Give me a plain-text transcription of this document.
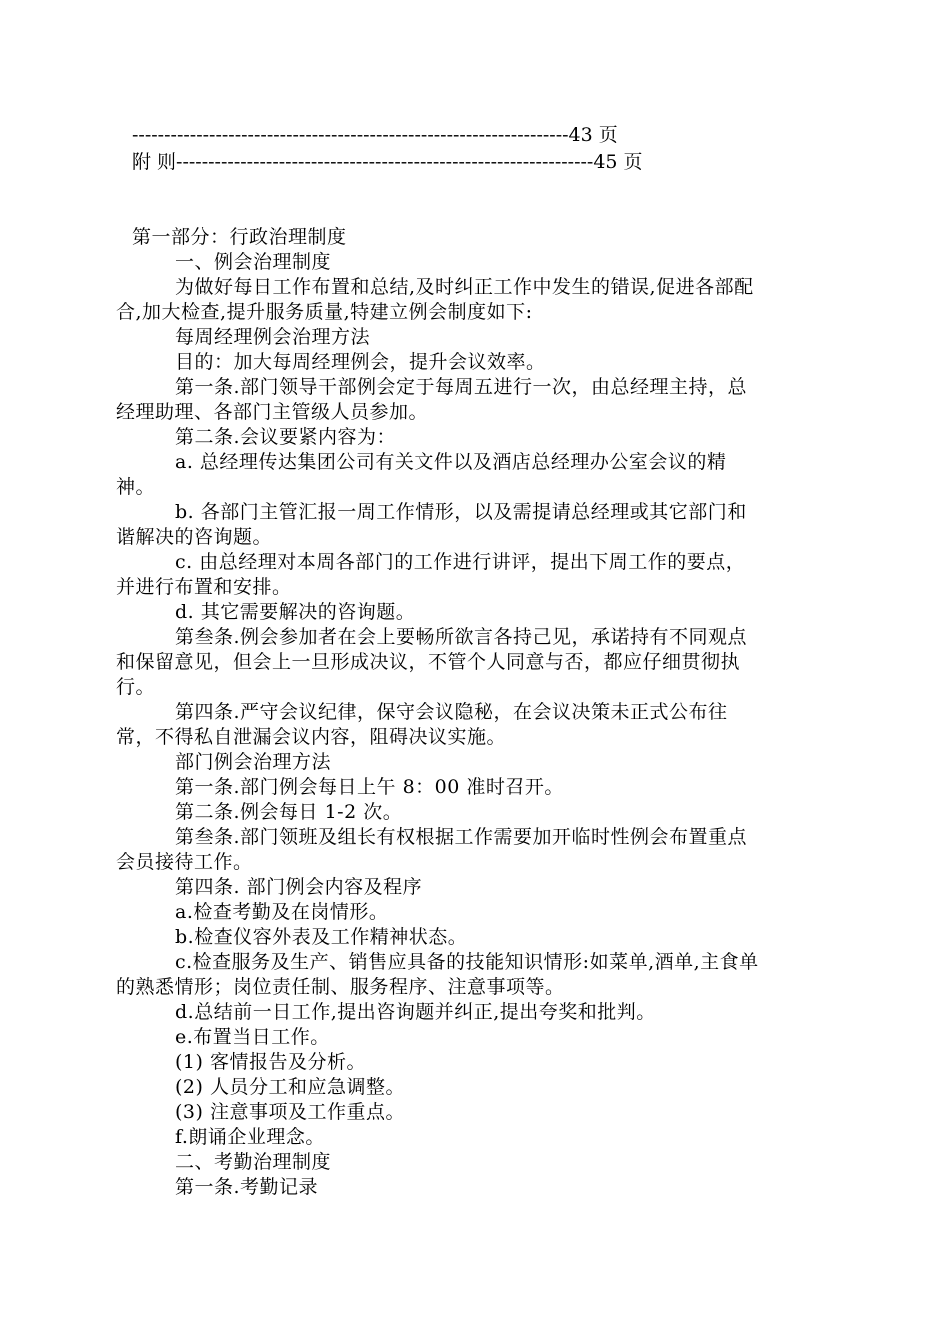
--------------------------------------------------------------------43 页
附 则-----------------------------------------------------------------45 页
第一部分：行政治理制度
一、例会治理制度
为做好每日工作布置和总结,及时纠正工作中发生的错误,促进各部配
合,加大检查,提升服务质量,特建立例会制度如下:
每周经理例会治理方法
目的：加大每周经理例会，提升会议效率。
第一条.部门领导干部例会定于每周五进行一次，由总经理主持，总
经理助理、各部门主管级人员参加。
第二条.会议要紧内容为：
a. 总经理传达集团公司有关文件以及酒店总经理办公室会议的精
神。
b. 各部门主管汇报一周工作情形，以及需提请总经理或其它部门和
谐解决的咨询题。
c. 由总经理对本周各部门的工作进行讲评，提出下周工作的要点，
并进行布置和安排。
d. 其它需要解决的咨询题。
第叁条.例会参加者在会上要畅所欲言各持己见，承诺持有不同观点
和保留意见，但会上一旦形成决议，不管个人同意与否，都应仔细贯彻执
行。
第四条.严守会议纪律，保守会议隐秘，在会议决策未正式公布往
常，不得私自泄漏会议内容，阻碍决议实施。
部门例会治理方法
第一条.部门例会每日上午 8：00 准时召开。
第二条.例会每日 1-2 次。
第叁条.部门领班及组长有权根据工作需要加开临时性例会布置重点
会员接待工作。
第四条. 部门例会内容及程序
a.检查考勤及在岗情形。
b.检查仪容外表及工作精神状态。
c.检查服务及生产、销售应具备的技能知识情形:如菜单,酒单,主食单
的熟悉情形；岗位责任制、服务程序、注意事项等。
d.总结前一日工作,提出咨询题并纠正,提出夸奖和批判。
e.布置当日工作。
(1) 客情报告及分析。
(2) 人员分工和应急调整。
(3) 注意事项及工作重点。
f.朗诵企业理念。
二、考勤治理制度
第一条.考勤记录
